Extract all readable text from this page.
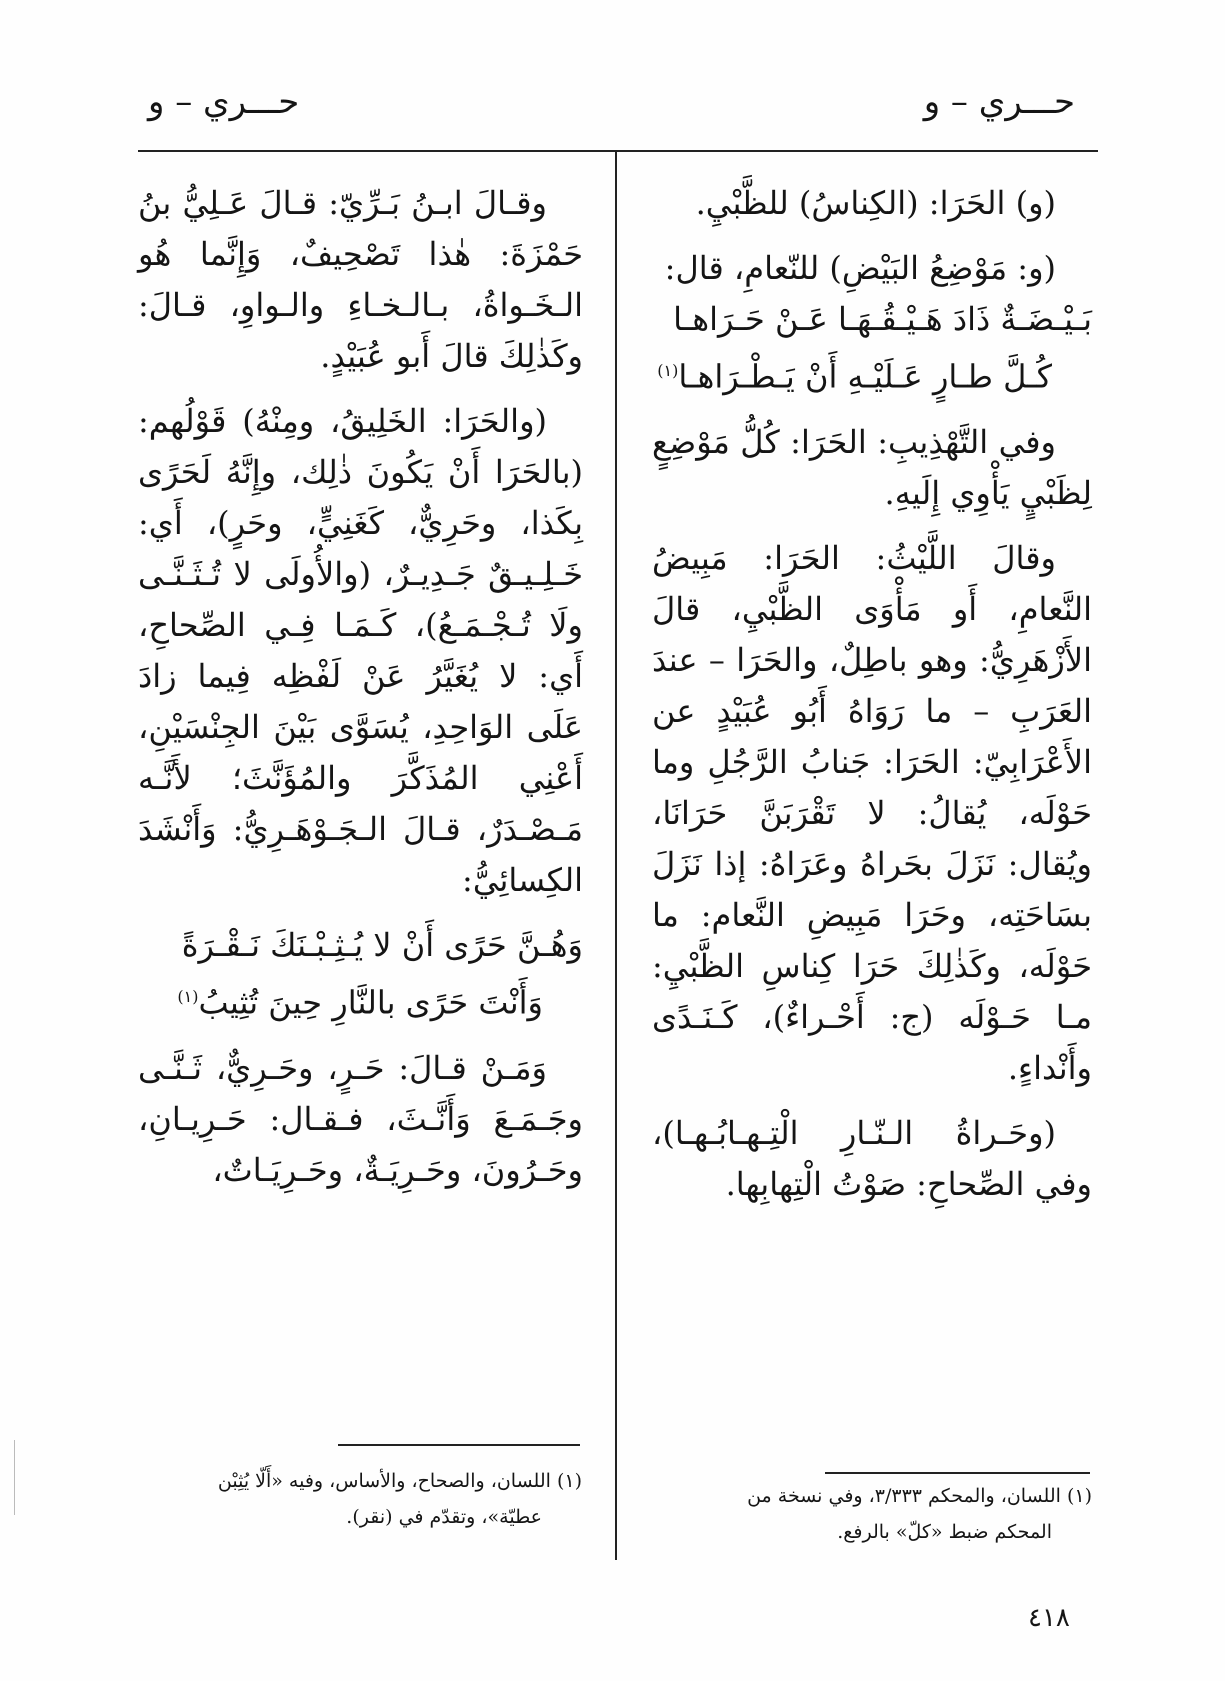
حـــري – و
حـــري – و

(و) الحَرَا: (الكِناسُ) للظَّبْيِ.

(و: مَوْضِعُ البَيْضِ) للنّعامِ، قال:

بَـيْـضَـةٌ ذَادَ هَـيْـقُـهَـا عَـنْ حَـرَاهـا

كُـلَّ طـارٍ عَـلَيْـهِ أَنْ يَـطْـرَاهـا$^{(١)}$

وفي التَّهْذِيبِ: الحَرَا: كُلُّ مَوْضِعٍ لِظَبْيٍ يَأْوِي إِلَيهِ.

وقالَ اللَّيْثُ: الحَرَا: مَبِيضُ النَّعامِ، أَو مَأْوَى الظَّبْيِ، قالَ الأَزْهَرِيُّ: وهو باطِلٌ، والحَرَا – عندَ العَرَبِ – ما رَوَاهُ أَبُو عُبَيْدٍ عن الأَعْرَابِيّ: الحَرَا: جَنابُ الرَّجُلِ وما حَوْلَه، يُقالُ: لا تَقْرَبَنَّ حَرَانَا، ويُقال: نَزَلَ بحَراهُ وعَرَاهُ: إذا نَزَلَ بسَاحَتِه، وحَرَا مَبِيضِ النَّعام: ما حَوْلَه، وكَذٰلِكَ حَرَا كِناسِ الظَّبْيِ: مـا حَـوْلَه (ج: أَحْـراءٌ)، كَـنَـدًى وأَنْداءٍ.

(وحَـراةُ الـنّـارِ الْتِـهـابُـهـا)، وفي الصِّحاحِ: صَوْتُ الْتِهابِها.

وقـالَ ابـنُ بَـرِّيّ: قـالَ عَـلِيُّ بنُ حَمْزَةَ: هٰذا تَصْحِيفٌ، وَإِنَّما هُو الـخَـواةُ، بـالـخـاءِ والـواوِ، قـالَ: وكَذٰلِكَ قالَ أَبو عُبَيْدٍ.

(والحَرَا: الخَلِيقُ، ومِنْهُ) قَوْلُهم: (بالحَرَا أَنْ يَكُونَ ذٰلِك، وإِنَّهُ لَحَرًى بِكَذا، وحَرِيٌّ، كَغَنِيٍّ، وحَرٍ)، أَي: خَـلِـيـقٌ جَـدِيـرٌ، (والأُولَى لا تُـثَـنَّـى ولَا تُـجْـمَـعُ)، كَـمَـا فِـي الصِّحاحِ، أَي: لا يُغَيَّرُ عَنْ لَفْظِه فِيما زادَ عَلَى الوَاحِدِ، يُسَوَّى بَيْنَ الجِنْسَيْنِ، أَعْنِي المُذَكَّرَ والمُؤَنَّثَ؛ لأَنَّـه مَـصْـدَرٌ، قـالَ الـجَـوْهَـرِيُّ: وَأَنْشَدَ الكِسائِيُّ:

وَهُـنَّ حَرًى أَنْ لا يُـثِـبْـنَكَ نَـقْـرَةً

وَأَنْتَ حَرًى بالنَّارِ حِينَ تُثِيبُ$^{(١)}$

وَمَـنْ قـالَ: حَـرٍ، وحَـرِيٌّ، ثَـنَّـى وجَـمَـعَ وَأَنَّـثَ، فـقـال: حَـرِيـانِ، وحَـرُونَ، وحَـرِيَـةٌ، وحَـرِيَـاتٌ،

(١) اللسان، والمحكم ٣/٣٣٣، وفي نسخة من

المحكم ضبط «كلّ» بالرفع.

(١) اللسان، والصحاح، والأساس، وفيه «أَلّا يُثِبْن

عطيّة»، وتقدّم في (نقر).

٤١٨
